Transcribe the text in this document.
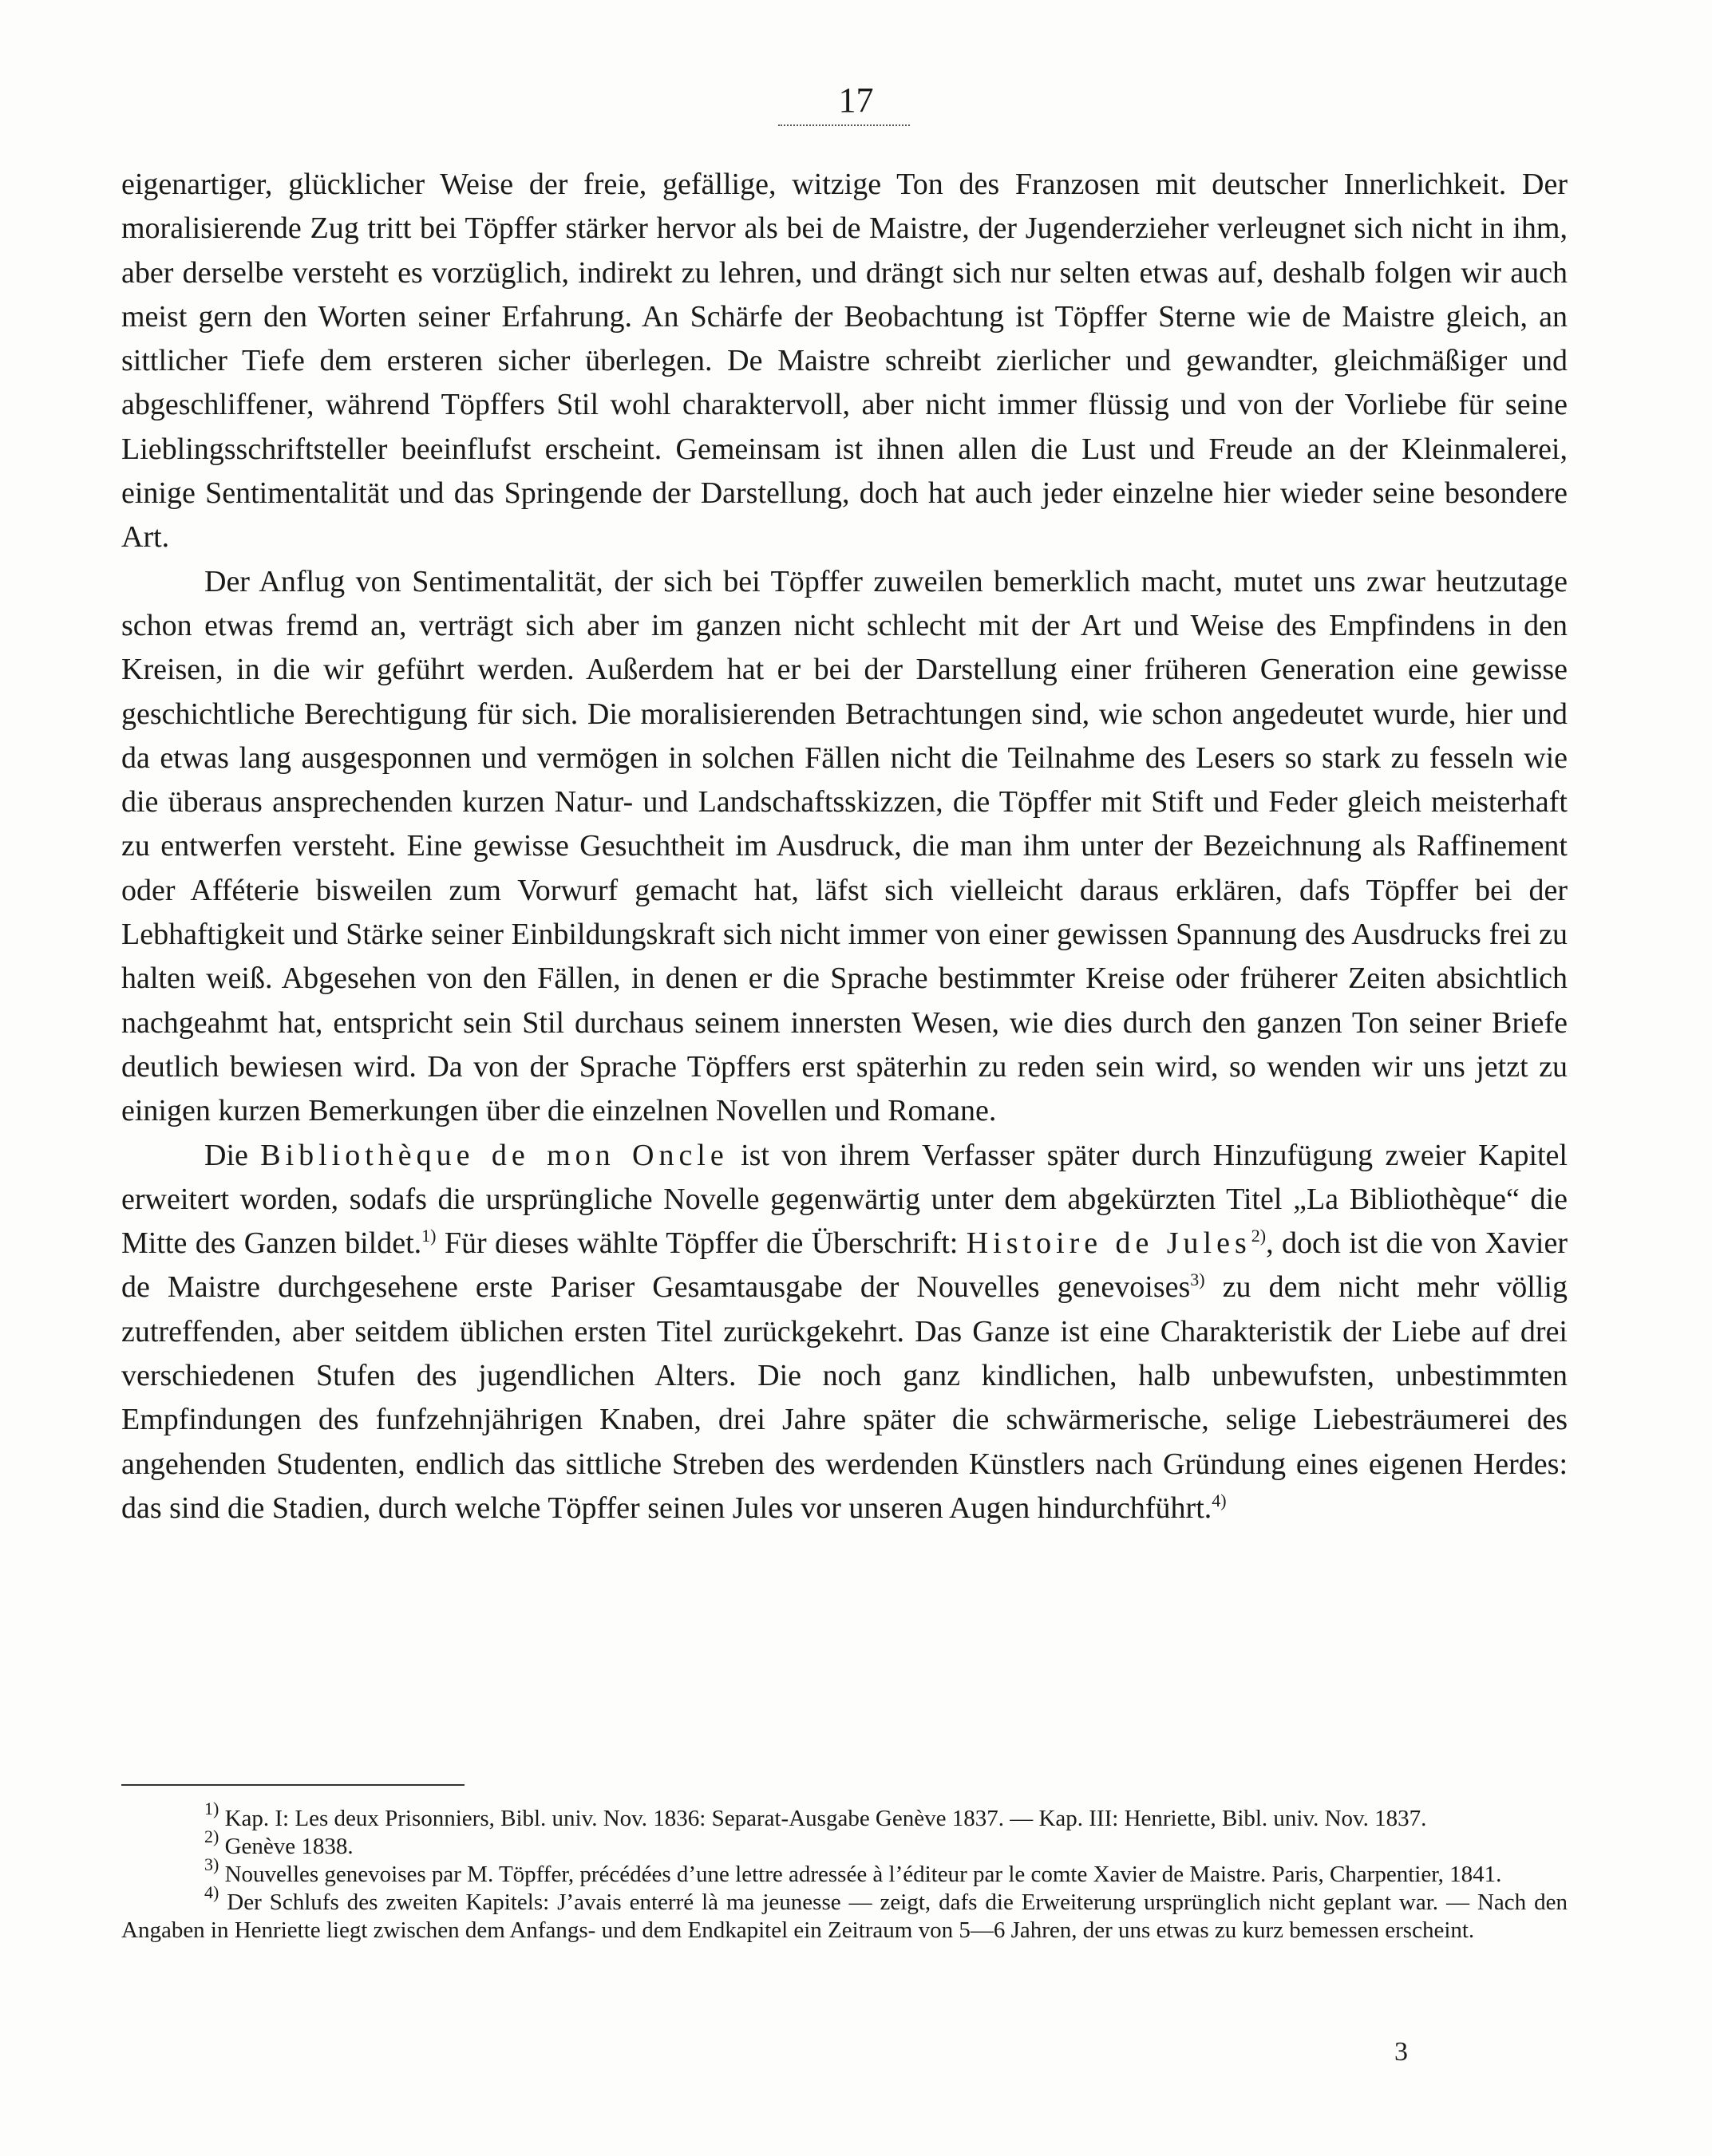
17

eigenartiger, glücklicher Weise der freie, gefällige, witzige Ton des Franzosen mit deutscher Innerlichkeit. Der moralisierende Zug tritt bei Töpffer stärker hervor als bei de Maistre, der Jugenderzieher verleugnet sich nicht in ihm, aber derselbe versteht es vorzüglich, indirekt zu lehren, und drängt sich nur selten etwas auf, deshalb folgen wir auch meist gern den Worten seiner Erfahrung. An Schärfe der Beobachtung ist Töpffer Sterne wie de Maistre gleich, an sittlicher Tiefe dem ersteren sicher überlegen. De Maistre schreibt zierlicher und gewandter, gleichmäßiger und abgeschliffener, während Töpffers Stil wohl charaktervoll, aber nicht immer flüssig und von der Vorliebe für seine Lieblingsschriftsteller beeinflufst erscheint. Gemeinsam ist ihnen allen die Lust und Freude an der Kleinmalerei, einige Sentimentalität und das Springende der Darstellung, doch hat auch jeder einzelne hier wieder seine besondere Art.

Der Anflug von Sentimentalität, der sich bei Töpffer zuweilen bemerklich macht, mutet uns zwar heutzutage schon etwas fremd an, verträgt sich aber im ganzen nicht schlecht mit der Art und Weise des Empfindens in den Kreisen, in die wir geführt werden. Außerdem hat er bei der Darstellung einer früheren Generation eine gewisse geschichtliche Berechtigung für sich. Die moralisierenden Betrachtungen sind, wie schon angedeutet wurde, hier und da etwas lang ausgesponnen und vermögen in solchen Fällen nicht die Teilnahme des Lesers so stark zu fesseln wie die überaus ansprechenden kurzen Natur- und Landschaftsskizzen, die Töpffer mit Stift und Feder gleich meisterhaft zu entwerfen versteht. Eine gewisse Gesuchtheit im Ausdruck, die man ihm unter der Bezeichnung als Raffinement oder Afféterie bisweilen zum Vorwurf gemacht hat, läfst sich vielleicht daraus erklären, dafs Töpffer bei der Lebhaftigkeit und Stärke seiner Einbildungskraft sich nicht immer von einer gewissen Spannung des Ausdrucks frei zu halten weiß. Abgesehen von den Fällen, in denen er die Sprache bestimmter Kreise oder früherer Zeiten absichtlich nachgeahmt hat, entspricht sein Stil durchaus seinem innersten Wesen, wie dies durch den ganzen Ton seiner Briefe deutlich bewiesen wird. Da von der Sprache Töpffers erst späterhin zu reden sein wird, so wenden wir uns jetzt zu einigen kurzen Bemerkungen über die einzelnen Novellen und Romane.

Die Bibliothèque de mon Oncle ist von ihrem Verfasser später durch Hinzufügung zweier Kapitel erweitert worden, sodafs die ursprüngliche Novelle gegenwärtig unter dem abgekürzten Titel „La Bibliothèque“ die Mitte des Ganzen bildet.$^{1)}$ Für dieses wählte Töpffer die Überschrift: Histoire de Jules$^{2)}$, doch ist die von Xavier de Maistre durchgesehene erste Pariser Gesamtausgabe der Nouvelles genevoises$^{3)}$ zu dem nicht mehr völlig zutreffenden, aber seitdem üblichen ersten Titel zurückgekehrt. Das Ganze ist eine Charakteristik der Liebe auf drei verschiedenen Stufen des jugendlichen Alters. Die noch ganz kindlichen, halb unbewufsten, unbestimmten Empfindungen des funfzehnjährigen Knaben, drei Jahre später die schwärmerische, selige Liebesträumerei des angehenden Studenten, endlich das sittliche Streben des werdenden Künstlers nach Gründung eines eigenen Herdes: das sind die Stadien, durch welche Töpffer seinen Jules vor unseren Augen hindurchführt.$^{4)}$

$^{1)}$ Kap. I: Les deux Prisonniers, Bibl. univ. Nov. 1836: Separat-Ausgabe Genève 1837. — Kap. III: Henriette, Bibl. univ. Nov. 1837.

$^{2)}$ Genève 1838.

$^{3)}$ Nouvelles genevoises par M. Töpffer, précédées d’une lettre adressée à l’éditeur par le comte Xavier de Maistre. Paris, Charpentier, 1841.

$^{4)}$ Der Schlufs des zweiten Kapitels: J’avais enterré là ma jeunesse — zeigt, dafs die Erweiterung ursprünglich nicht geplant war. — Nach den Angaben in Henriette liegt zwischen dem Anfangs- und dem Endkapitel ein Zeitraum von 5—6 Jahren, der uns etwas zu kurz bemessen erscheint.

3
